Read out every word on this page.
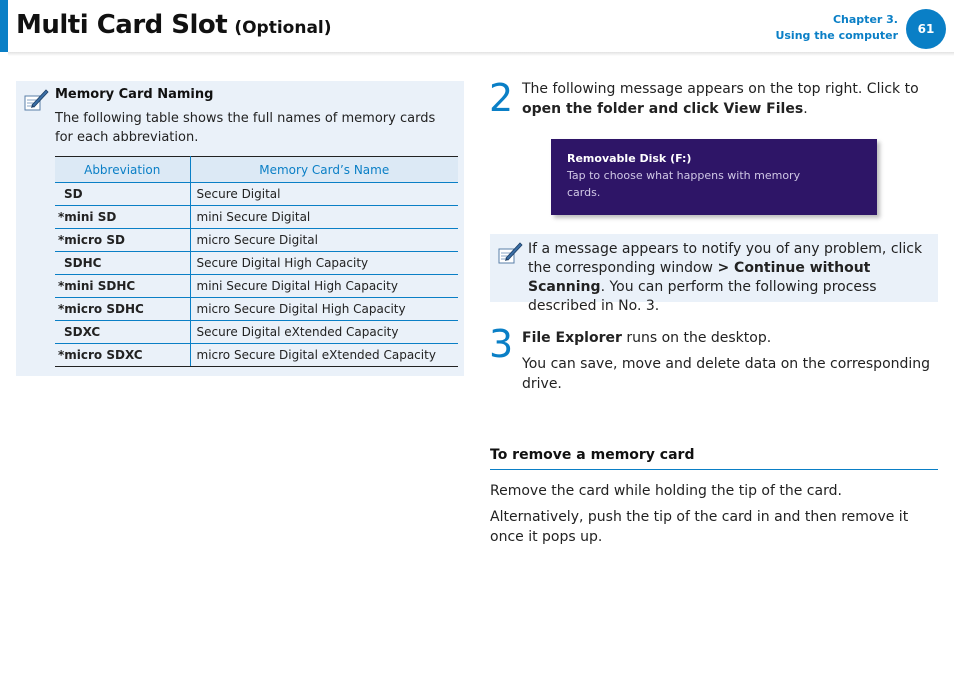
Multi Card Slot (Optional)	Chapter 3.
Using the computer	61
Memory Card Naming
The following table shows the full names of memory cards for each abbreviation.
Abbreviation	Memory Card’s Name
SD	Secure Digital
*mini SD	mini Secure Digital
*micro SD	micro Secure Digital
SDHC	Secure Digital High Capacity
*mini SDHC	mini Secure Digital High Capacity
*micro SDHC	micro Secure Digital High Capacity
SDXC	Secure Digital eXtended Capacity
*micro SDXC	micro Secure Digital eXtended Capacity
2 The following message appears on the top right. Click to open the folder and click View Files.
Removable Disk (F:)
Tap to choose what happens with memory cards.
If a message appears to notify you of any problem, click the corresponding window > Continue without Scanning. You can perform the following process described in No. 3.
3 File Explorer runs on the desktop.
You can save, move and delete data on the corresponding drive.
To remove a memory card
Remove the card while holding the tip of the card.
Alternatively, push the tip of the card in and then remove it once it pops up.
